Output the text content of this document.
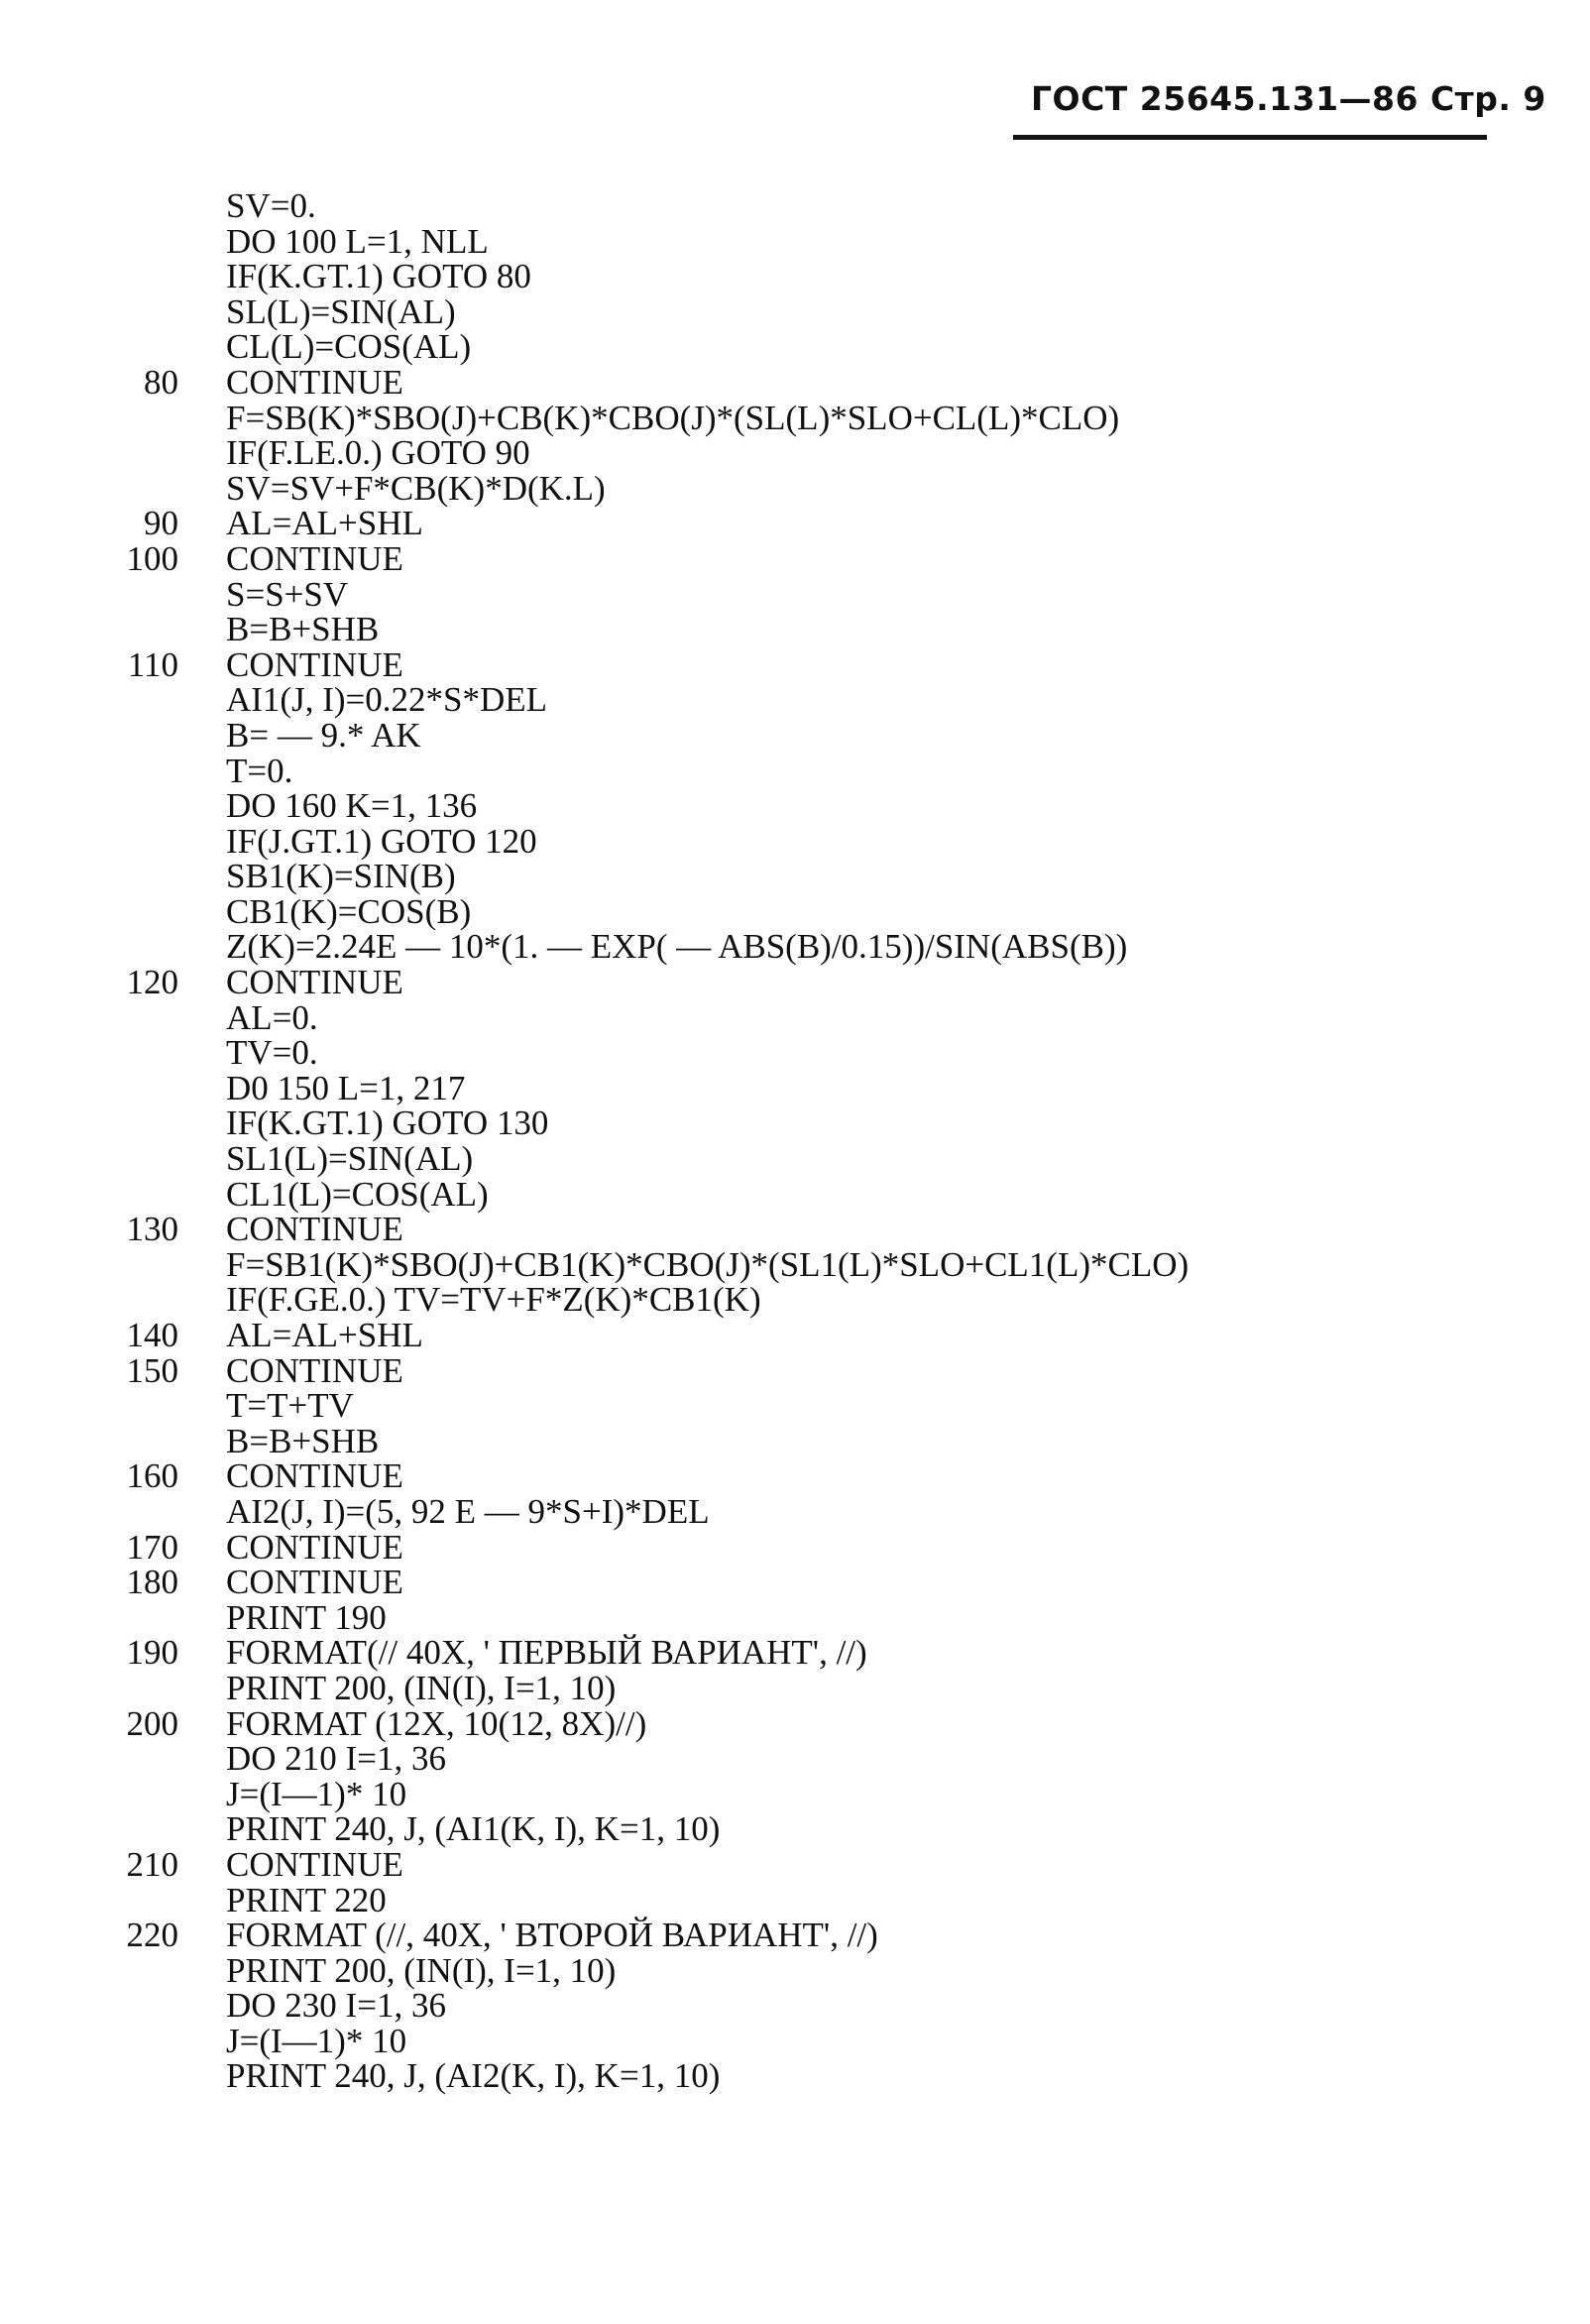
ГОСТ 25645.131—86 Стр. 9
SV=0.
DO 100 L=1, NLL
IF(K.GT.1) GOTO 80
SL(L)=SIN(AL)
CL(L)=COS(AL)
80 CONTINUE
F=SB(K)*SBO(J)+CB(K)*CBO(J)*(SL(L)*SLO+CL(L)*CLO)
IF(F.LE.0.) GOTO 90
SV=SV+F*CB(K)*D(K.L)
90 AL=AL+SHL
100 CONTINUE
S=S+SV
B=B+SHB
110 CONTINUE
AI1(J, I)=0.22*S*DEL
B= — 9.* AK
T=0.
DO 160 K=1, 136
IF(J.GT.1) GOTO 120
SB1(K)=SIN(B)
CB1(K)=COS(B)
Z(K)=2.24E — 10*(1. — EXP( — ABS(B)/0.15))/SIN(ABS(B))
120 CONTINUE
AL=0.
TV=0.
D0 150 L=1, 217
IF(K.GT.1) GOTO 130
SL1(L)=SIN(AL)
CL1(L)=COS(AL)
130 CONTINUE
F=SB1(K)*SBO(J)+CB1(K)*CBO(J)*(SL1(L)*SLO+CL1(L)*CLO)
IF(F.GE.0.) TV=TV+F*Z(K)*CB1(K)
140 AL=AL+SHL
150 CONTINUE
T=T+TV
B=B+SHB
160 CONTINUE
AI2(J, I)=(5, 92 E — 9*S+I)*DEL
170 CONTINUE
180 CONTINUE
PRINT 190
190 FORMAT(// 40X, ' ПЕРВЫЙ ВАРИАНТ', //)
PRINT 200, (IN(I), I=1, 10)
200 FORMAT (12X, 10(12, 8X)//)
DO 210 I=1, 36
J=(I—1)* 10
PRINT 240, J, (AI1(K, I), K=1, 10)
210 CONTINUE
PRINT 220
220 FORMAT (//, 40X, ' ВТОРОЙ ВАРИАНТ', //)
PRINT 200, (IN(I), I=1, 10)
DO 230 I=1, 36
J=(I—1)* 10
PRINT 240, J, (AI2(K, I), K=1, 10)
